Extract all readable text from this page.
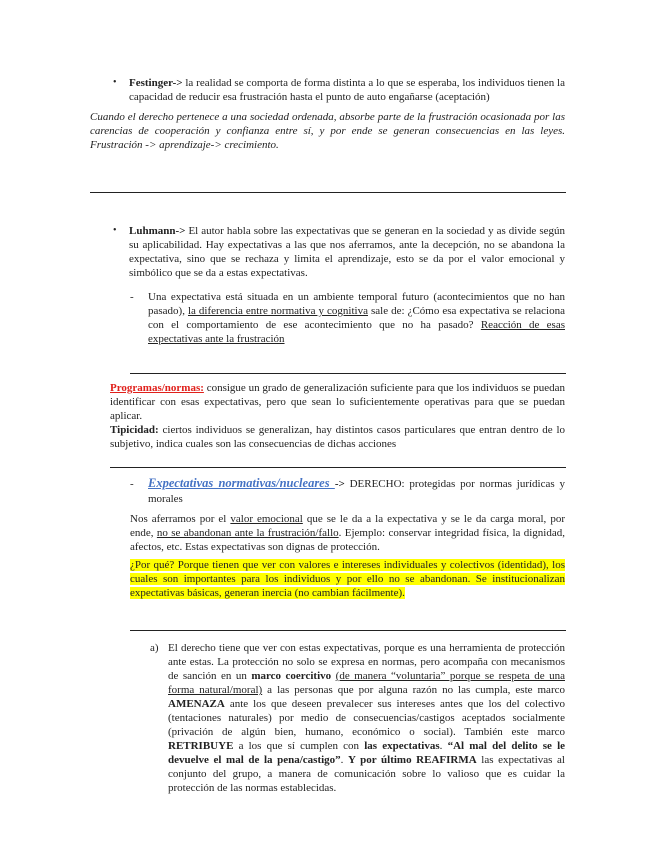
• Festinger-> la realidad se comporta de forma distinta a lo que se esperaba, los individuos tienen la capacidad de reducir esa frustración hasta el punto de auto engañarse (aceptación)
Cuando el derecho pertenece a una sociedad ordenada, absorbe parte de la frustración ocasionada por las carencias de cooperación y confianza entre sí, y por ende se generan consecuencias en las leyes. Frustración -> aprendizaje-> crecimiento.
• Luhmann-> El autor habla sobre las expectativas que se generan en la sociedad y as divide según su aplicabilidad. Hay expectativas a las que nos aferramos, ante la decepción, no se abandona la expectativa, sino que se rechaza y limita el aprendizaje, esto se da por el valor emocional y simbólico que se da a estas expectativas.
- Una expectativa está situada en un ambiente temporal futuro (acontecimientos que no han pasado), la diferencia entre normativa y cognitiva sale de: ¿Cómo esa expectativa se relaciona con el comportamiento de ese acontecimiento que no ha pasado? Reacción de esas expectativas ante la frustración
Programas/normas: consigue un grado de generalización suficiente para que los individuos se puedan identificar con esas expectativas, pero que sean lo suficientemente operativas para que se puedan aplicar.
Tipicidad: ciertos individuos se generalizan, hay distintos casos particulares que entran dentro de lo subjetivo, indica cuales son las consecuencias de dichas acciones
- Expectativas normativas/nucleares -> DERECHO: protegidas por normas jurídicas y morales
Nos aferramos por el valor emocional que se le da a la expectativa y se le da carga moral, por ende, no se abandonan ante la frustración/fallo. Ejemplo: conservar integridad física, la dignidad, afectos, etc. Estas expectativas son dignas de protección.
¿Por qué? Porque tienen que ver con valores e intereses individuales y colectivos (identidad), los cuales son importantes para los individuos y por ello no se abandonan. Se institucionalizan expectativas básicas, generan inercia (no cambian fácilmente).
a) El derecho tiene que ver con estas expectativas, porque es una herramienta de protección ante estas. La protección no solo se expresa en normas, pero acompaña con mecanismos de sanción en un marco coercitivo (de manera “voluntaria” porque se respeta de una forma natural/moral) a las personas que por alguna razón no las cumpla, este marco AMENAZA ante los que deseen prevalecer sus intereses antes que los del colectivo (tentaciones naturales) por medio de consecuencias/castigos aceptados socialmente (privación de algún bien, humano, económico o social). También este marco RETRIBUYE a los que sí cumplen con las expectativas. “Al mal del delito se le devuelve el mal de la pena/castigo”. Y por último REAFIRMA las expectativas al conjunto del grupo, a manera de comunicación sobre lo valioso que es cuidar la protección de las normas establecidas.
